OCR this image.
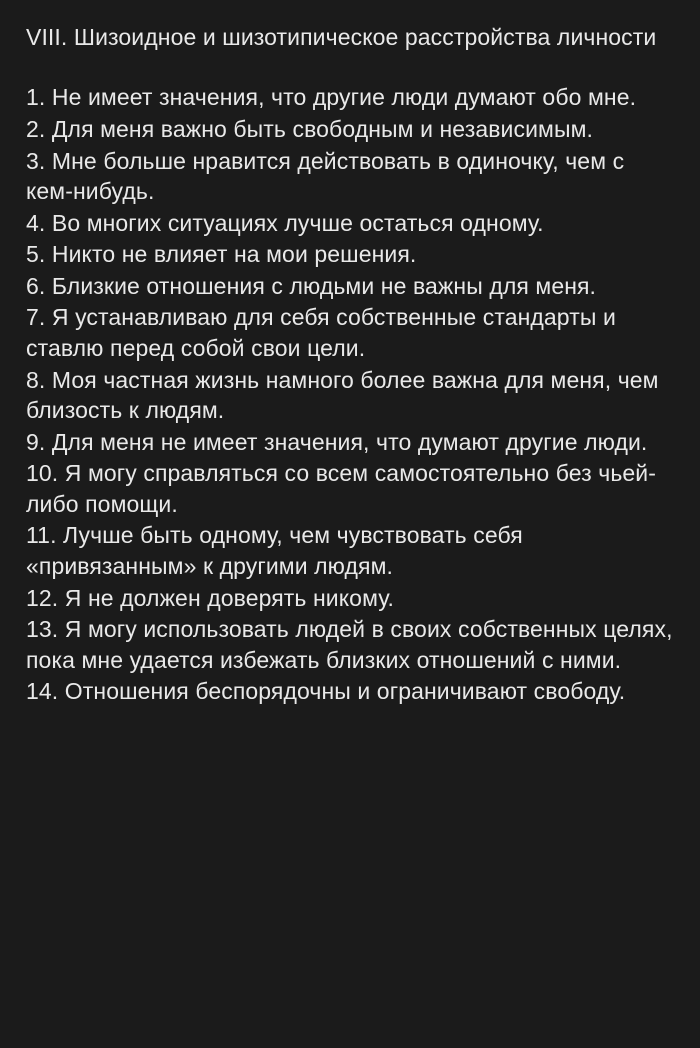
VIII. Шизоидное и шизотипическое расстройства личности
1. Не имеет значения, что другие люди думают обо мне.
2. Для меня важно быть свободным и независимым.
3. Мне больше нравится действовать в одиночку, чем с кем-нибудь.
4. Во многих ситуациях лучше остаться одному.
5. Никто не влияет на мои решения.
6. Близкие отношения с людьми не важны для меня.
7. Я устанавливаю для себя собственные стандарты и ставлю перед собой свои цели.
8. Моя частная жизнь намного более важна для меня, чем близость к людям.
9. Для меня не имеет значения, что думают другие люди.
10. Я могу справляться со всем самостоятельно без чьей-либо помощи.
11. Лучше быть одному, чем чувствовать себя «привязанным» к другими людям.
12. Я не должен доверять никому.
13. Я могу использовать людей в своих собственных целях, пока мне удается избежать близких отношений с ними.
14. Отношения беспорядочны и ограничивают свободу.
